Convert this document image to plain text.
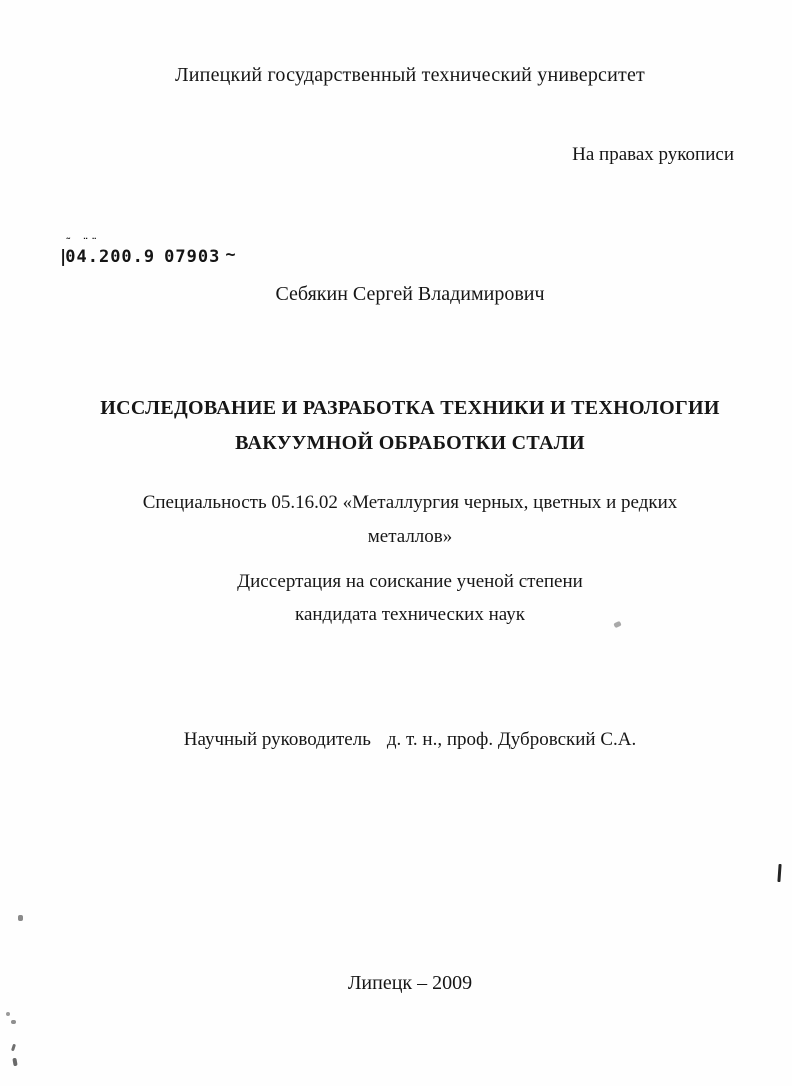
Липецкий государственный технический университет
На правах рукописи
˜ ¨¨
|04.200.9 07903 ~
Себякин Сергей Владимирович
ИССЛЕДОВАНИЕ И РАЗРАБОТКА ТЕХНИКИ И ТЕХНОЛОГИИ
ВАКУУМНОЙ ОБРАБОТКИ СТАЛИ
Специальность 05.16.02 «Металлургия черных, цветных и редких
металлов»
Диссертация на соискание ученой степени
кандидата технических наук
Научный руководитель д. т. н., проф. Дубровский С.А.
Липецк – 2009
